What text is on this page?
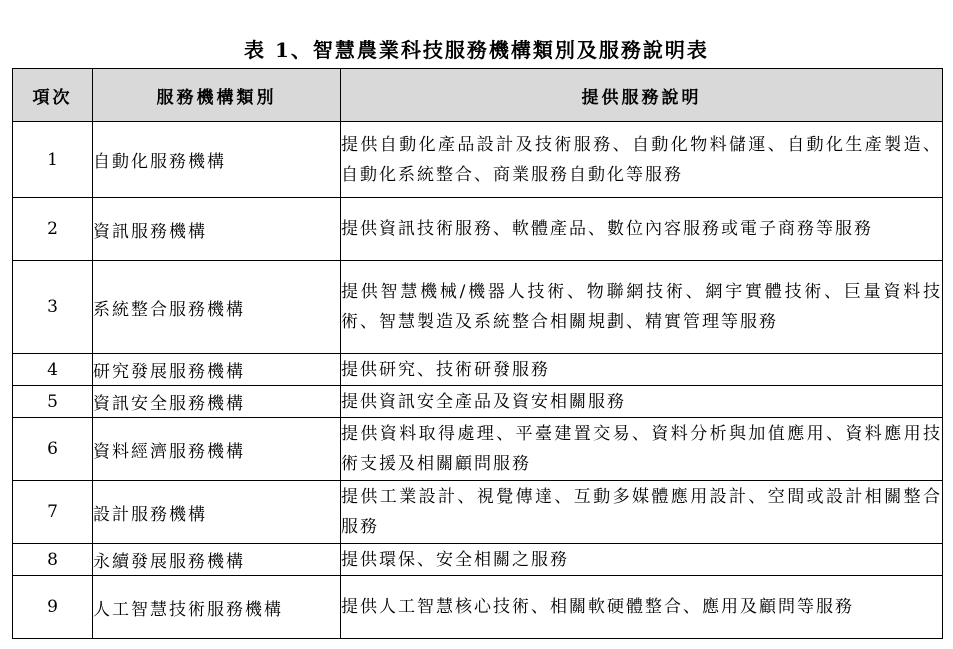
表 1、智慧農業科技服務機構類別及服務說明表
項次	服務機構類別	提供服務說明
1	自動化服務機構	提供自動化產品設計及技術服務、自動化物料儲運、自動化生產製造、自動化系統整合、商業服務自動化等服務
2	資訊服務機構	提供資訊技術服務、軟體產品、數位內容服務或電子商務等服務
3	系統整合服務機構	提供智慧機械/機器人技術、物聯網技術、網宇實體技術、巨量資料技術、智慧製造及系統整合相關規劃、精實管理等服務
4	研究發展服務機構	提供研究、技術研發服務
5	資訊安全服務機構	提供資訊安全產品及資安相關服務
6	資料經濟服務機構	提供資料取得處理、平臺建置交易、資料分析與加值應用、資料應用技術支援及相關顧問服務
7	設計服務機構	提供工業設計、視覺傳達、互動多媒體應用設計、空間或設計相關整合服務
8	永續發展服務機構	提供環保、安全相關之服務
9	人工智慧技術服務機構	提供人工智慧核心技術、相關軟硬體整合、應用及顧問等服務
